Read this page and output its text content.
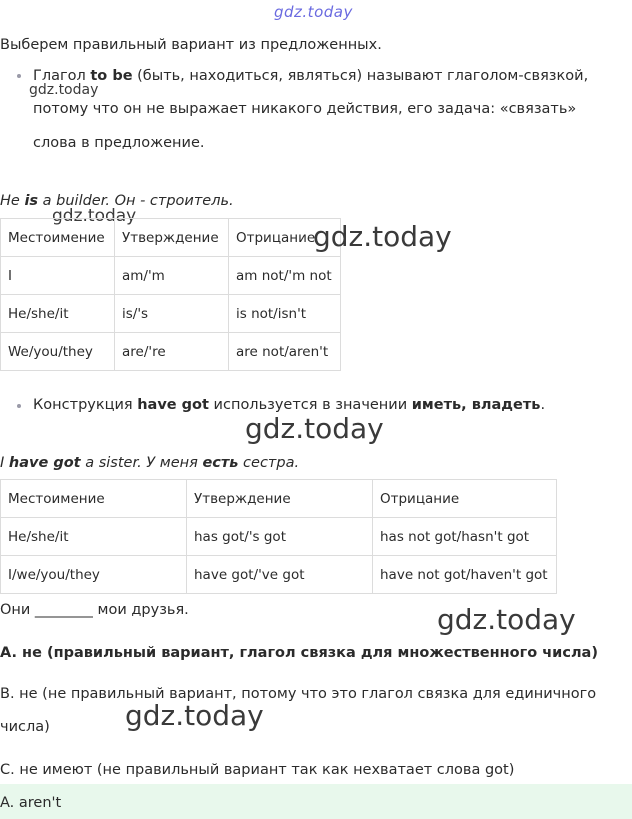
gdz.today
Выберем правильный вариант из предложенных.
Глагол to be (быть, находиться, являться) называют глаголом-связкой,
gdz.today
потому что он не выражает никакого действия, его задача: «связать»
слова в предложение.
He is a builder. Он - строитель.
gdz.today
Местоимение	Утверждение	Отрицание
I	am/'m	am not/'m not
He/she/it	is/'s	is not/isn't
We/you/they	are/'re	are not/aren't
gdz.today
Конструкция have got используется в значении иметь, владеть.
gdz.today
I have got a sister. У меня есть сестра.
Местоимение	Утверждение	Отрицание
He/she/it	has got/'s got	has not got/hasn't got
I/we/you/they	have got/'ve got	have not got/haven't got
Они ________ мои друзья.	gdz.today
A. не (правильный вариант, глагол связка для множественного числа)
B. не (не правильный вариант, потому что это глагол связка для единичного
gdz.today
числа)
C. не имеют (не правильный вариант так как нехватает слова got)
A. aren't
